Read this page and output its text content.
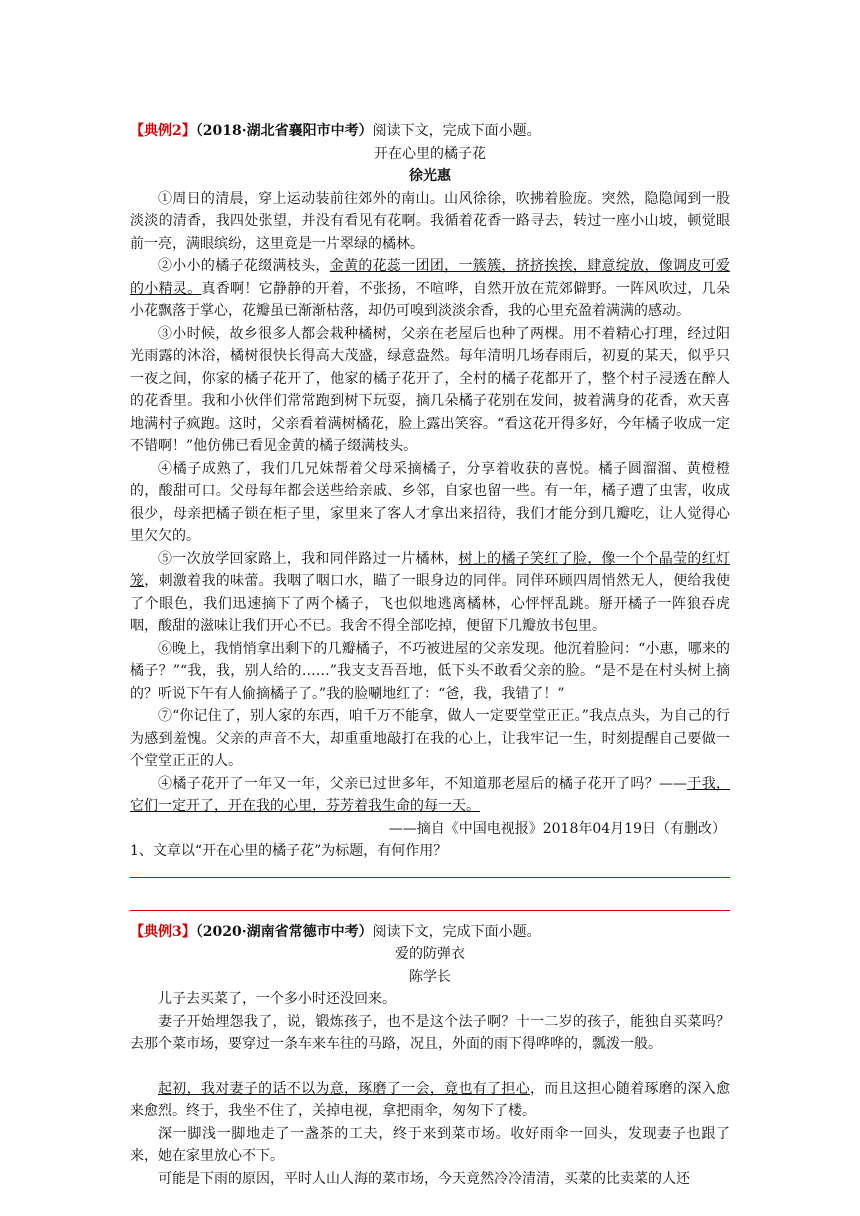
【典例2】（2018·湖北省襄阳市中考）阅读下文，完成下面小题。

开在心里的橘子花

徐光惠

①周日的清晨，穿上运动装前往郊外的南山。山风徐徐，吹拂着脸庞。突然，隐隐闻到一股淡淡的清香，我四处张望，并没有看见有花啊。我循着花香一路寻去，转过一座小山坡，顿觉眼前一亮，满眼缤纷，这里竟是一片翠绿的橘林。

②小小的橘子花缀满枝头，金黄的花蕊一团团，一簇簇，挤挤挨挨，肆意绽放，像调皮可爱的小精灵。真香啊！它静静的开着，不张扬，不喧哗，自然开放在荒郊僻野。一阵风吹过，几朵小花飘落于掌心，花瓣虽已渐渐枯落，却仍可嗅到淡淡余香，我的心里充盈着满满的感动。

③小时候，故乡很多人都会栽种橘树，父亲在老屋后也种了两棵。用不着精心打理，经过阳光雨露的沐浴，橘树很快长得高大茂盛，绿意盎然。每年清明几场春雨后，初夏的某天，似乎只一夜之间，你家的橘子花开了，他家的橘子花开了，全村的橘子花都开了，整个村子浸透在醉人的花香里。我和小伙伴们常常跑到树下玩耍，摘几朵橘子花别在发间，披着满身的花香，欢天喜地满村子疯跑。这时，父亲看着满树橘花，脸上露出笑容。“看这花开得多好，今年橘子收成一定不错啊！”他仿佛已看见金黄的橘子缀满枝头。

④橘子成熟了，我们几兄妹帮着父母采摘橘子，分享着收获的喜悦。橘子圆溜溜、黄橙橙的，酸甜可口。父母每年都会送些给亲戚、乡邻，自家也留一些。有一年，橘子遭了虫害，收成很少，母亲把橘子锁在柜子里，家里来了客人才拿出来招待，我们才能分到几瓣吃，让人觉得心里欠欠的。

⑤一次放学回家路上，我和同伴路过一片橘林，树上的橘子笑红了脸，像一个个晶莹的红灯笼，刺激着我的味蕾。我咽了咽口水，瞄了一眼身边的同伴。同伴环顾四周悄然无人，便给我使了个眼色，我们迅速摘下了两个橘子，飞也似地逃离橘林，心怦怦乱跳。掰开橘子一阵狼吞虎咽，酸甜的滋味让我们开心不已。我舍不得全部吃掉，便留下几瓣放书包里。

⑥晚上，我悄悄拿出剩下的几瓣橘子，不巧被进屋的父亲发现。他沉着脸问：“小惠，哪来的橘子？”“我，我，别人给的……”我支支吾吾地，低下头不敢看父亲的脸。“是不是在村头树上摘的？听说下午有人偷摘橘子了。”我的脸唰地红了：“爸，我，我错了！”

⑦“你记住了，别人家的东西，咱千万不能拿，做人一定要堂堂正正。”我点点头，为自己的行为感到羞愧。父亲的声音不大，却重重地敲打在我的心上，让我牢记一生，时刻提醒自己要做一个堂堂正正的人。

④橘子花开了一年又一年，父亲已过世多年，不知道那老屋后的橘子花开了吗？——于我，它们一定开了，开在我的心里，芬芳着我生命的每一天。

——摘自《中国电视报》2018年04月19日（有删改）

1、文章以“开在心里的橘子花”为标题，有何作用？

【典例3】（2020·湖南省常德市中考）阅读下文，完成下面小题。

爱的防弹衣

陈学长

儿子去买菜了，一个多小时还没回来。

妻子开始埋怨我了，说，锻炼孩子，也不是这个法子啊？十一二岁的孩子，能独自买菜吗？去那个菜市场，要穿过一条车来车往的马路，况且，外面的雨下得哗哗的，瓢泼一般。

起初，我对妻子的话不以为意，琢磨了一会，竟也有了担心，而且这担心随着琢磨的深入愈来愈烈。终于，我坐不住了，关掉电视，拿把雨伞，匆匆下了楼。

深一脚浅一脚地走了一盏茶的工夫，终于来到菜市场。收好雨伞一回头，发现妻子也跟了来，她在家里放心不下。

可能是下雨的原因，平时人山人海的菜市场，今天竟然冷冷清清，买菜的比卖菜的人还
